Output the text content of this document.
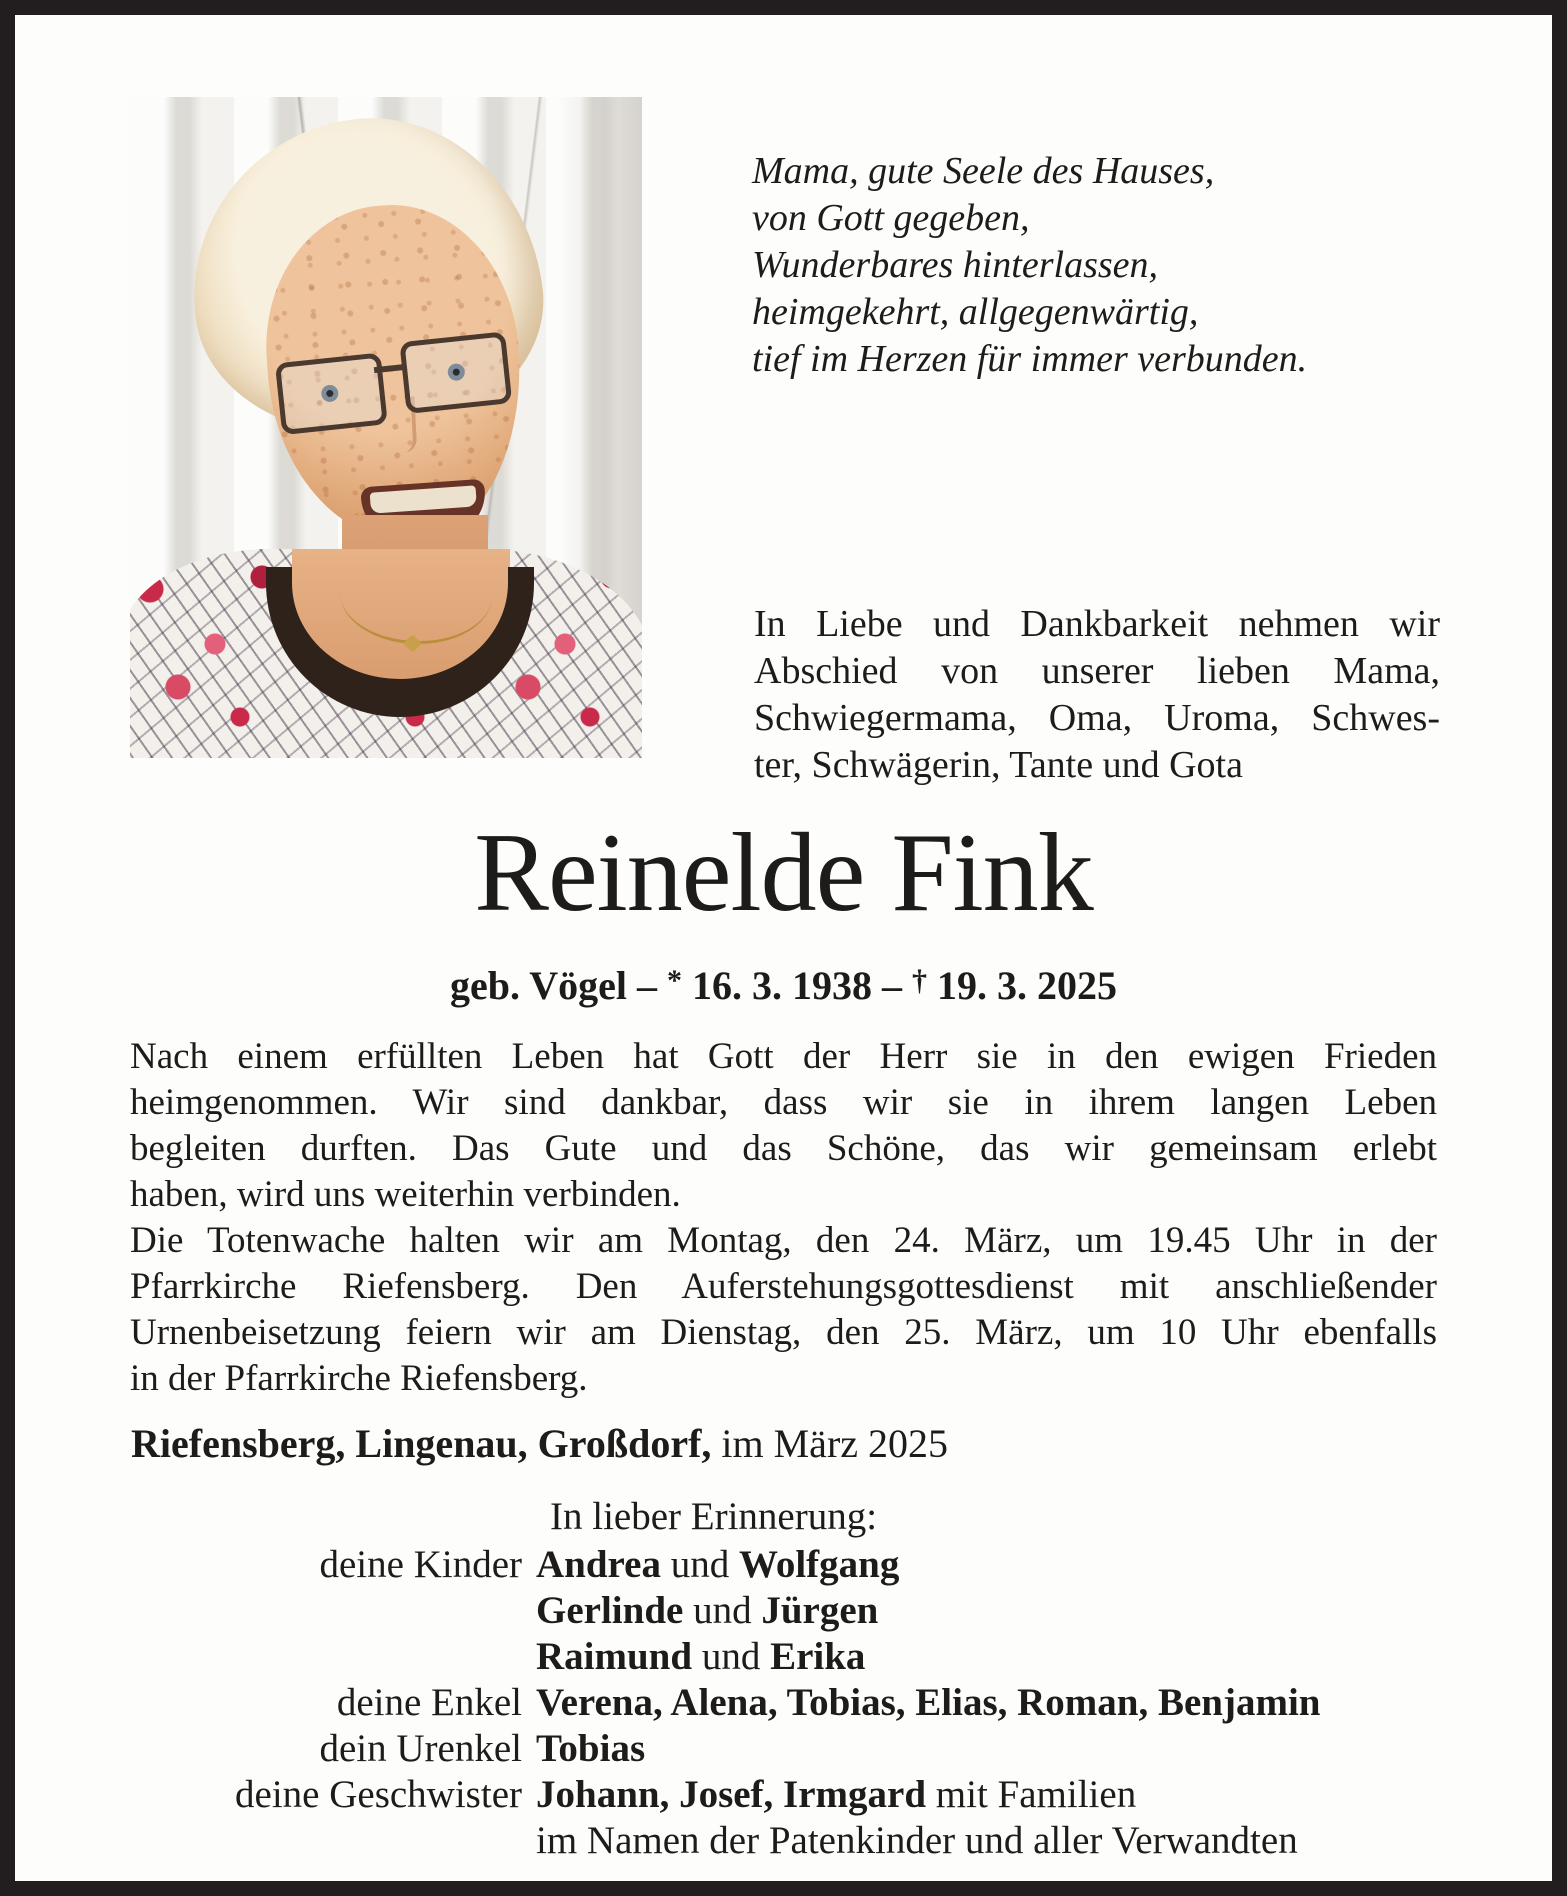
Mama, gute Seele des Hauses,
von Gott gegeben,
Wunderbares hinterlassen,
heimgekehrt, allgegenwärtig,
tief im Herzen für immer verbunden.
In Liebe und Dankbarkeit nehmen wir
Abschied von unserer lieben Mama,
Schwiegermama, Oma, Uroma, Schwes-
ter, Schwägerin, Tante und Gota
Reinelde Fink
geb. Vögel – * 16. 3. 1938 – † 19. 3. 2025
Nach einem erfüllten Leben hat Gott der Herr sie in den ewigen Frieden
heimgenommen. Wir sind dankbar, dass wir sie in ihrem langen Leben
begleiten durften. Das Gute und das Schöne, das wir gemeinsam erlebt
haben, wird uns weiterhin verbinden.
Die Totenwache halten wir am Montag, den 24. März, um 19.45 Uhr in der
Pfarrkirche Riefensberg. Den Auferstehungsgottesdienst mit anschließender
Urnenbeisetzung feiern wir am Dienstag, den 25. März, um 10 Uhr ebenfalls
in der Pfarrkirche Riefensberg.
Riefensberg, Lingenau, Großdorf, im März 2025
In lieber Erinnerung:
deine Kinder Andrea und Wolfgang
Gerlinde und Jürgen
Raimund und Erika
deine Enkel Verena, Alena, Tobias, Elias, Roman, Benjamin
dein Urenkel Tobias
deine Geschwister Johann, Josef, Irmgard mit Familien
im Namen der Patenkinder und aller Verwandten
